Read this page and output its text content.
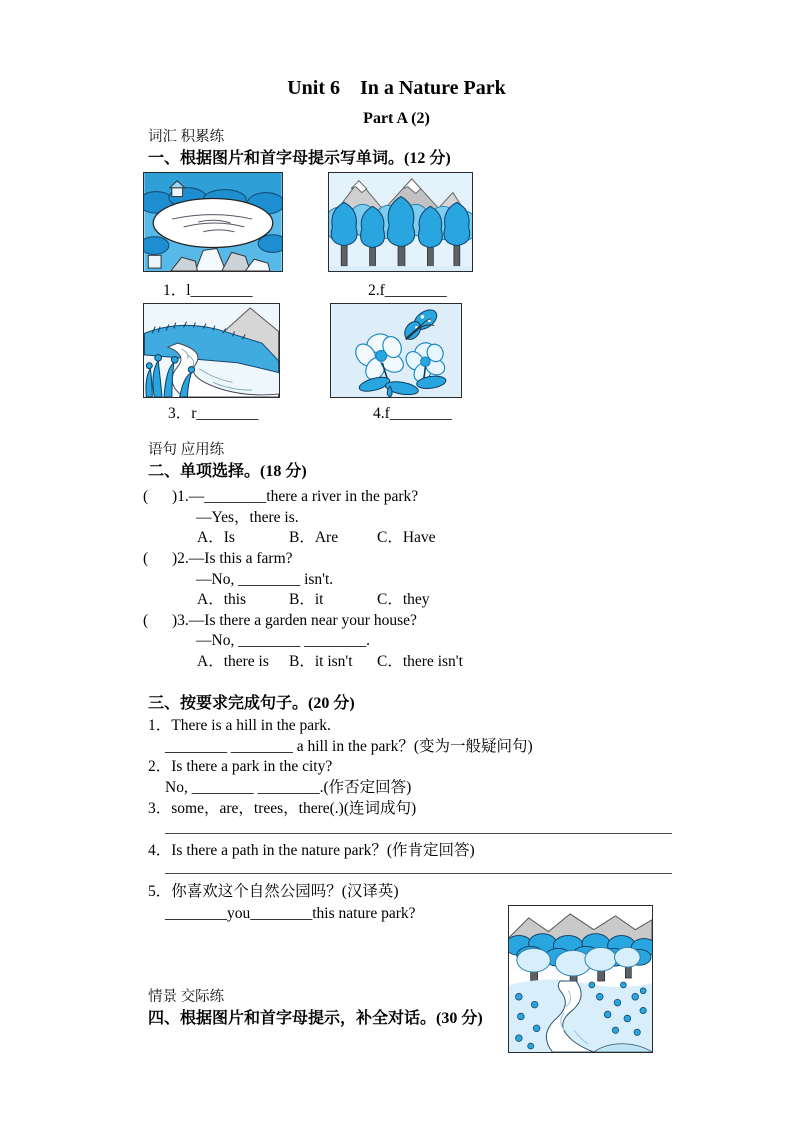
Unit 6　In a Nature Park
Part A (2)
词汇 积累练
一、根据图片和首字母提示写单词。(12 分)
1．l________	2.f________
3．r________	4.f________
语句 应用练
二、单项选择。(18 分)
( )1.—________there a river in the park?
—Yes，there is.
A．Is	B．Are	C．Have
( )2.—Is this a farm?
—No, ________ isn't.
A．this	B．it	C．they
( )3.—Is there a garden near your house?
—No, ________ ________.
A．there is B．it isn't C．there isn't
三、按要求完成句子。(20 分)
1．There is a hill in the park.
________ ________ a hill in the park？(变为一般疑问句)
2．Is there a park in the city?
No, ________ ________.(作否定回答)
3．some，are，trees，there(.)(连词成句)
4．Is there a path in the nature park？(作肯定回答)
5．你喜欢这个自然公园吗？(汉译英)
________you________this nature park?
情景 交际练
四、根据图片和首字母提示，补全对话。(30 分)
